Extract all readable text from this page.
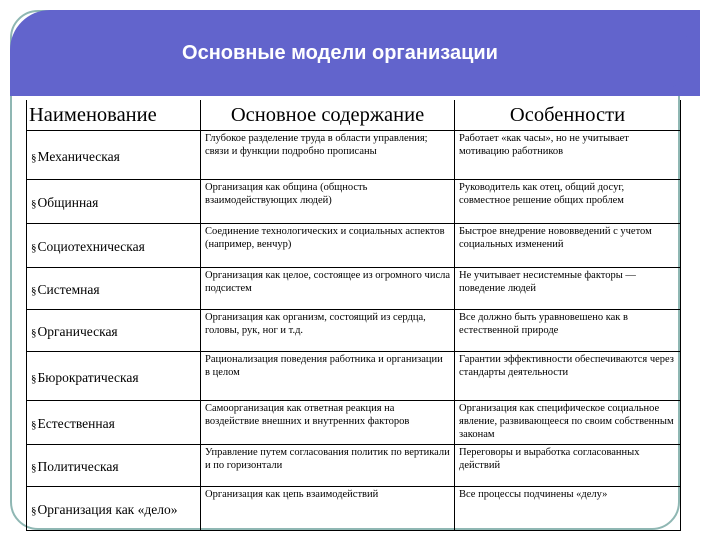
Основные модели организации
Наименование	Основное содержание	Особенности
§Механическая	Глубокое разделение труда в области управления; связи и функции подробно прописаны	Работает «как часы», но не учитывает мотивацию работников
§Общинная	Организация как община (общность взаимодействующих людей)	Руководитель как отец, общий досуг, совместное решение общих проблем
§Социотехническая	Соединение технологических и социальных аспектов (например, венчур)	Быстрое внедрение нововведений с учетом социальных изменений
§Системная	Организация как целое, состоящее из огромного числа подсистем	Не учитывает несистемные факторы — поведение людей
§Органическая	Организация как организм, состоящий из сердца, головы, рук, ног и т.д.	Все должно быть уравновешено как в естественной природе
§Бюрократическая	Рационализация поведения работника и организации в целом	Гарантии эффективности обеспечиваются через стандарты деятельности
§Естественная	Самоорганизация как ответная реакция на воздействие внешних и внутренних факторов	Организация как специфическое социальное явление, развивающееся по своим собственным законам
§Политическая	Управление путем согласования политик по вертикали и по горизонтали	Переговоры и выработка согласованных действий
§Организация как «дело»	Организация как цепь взаимодействий	Все процессы подчинены «делу»
